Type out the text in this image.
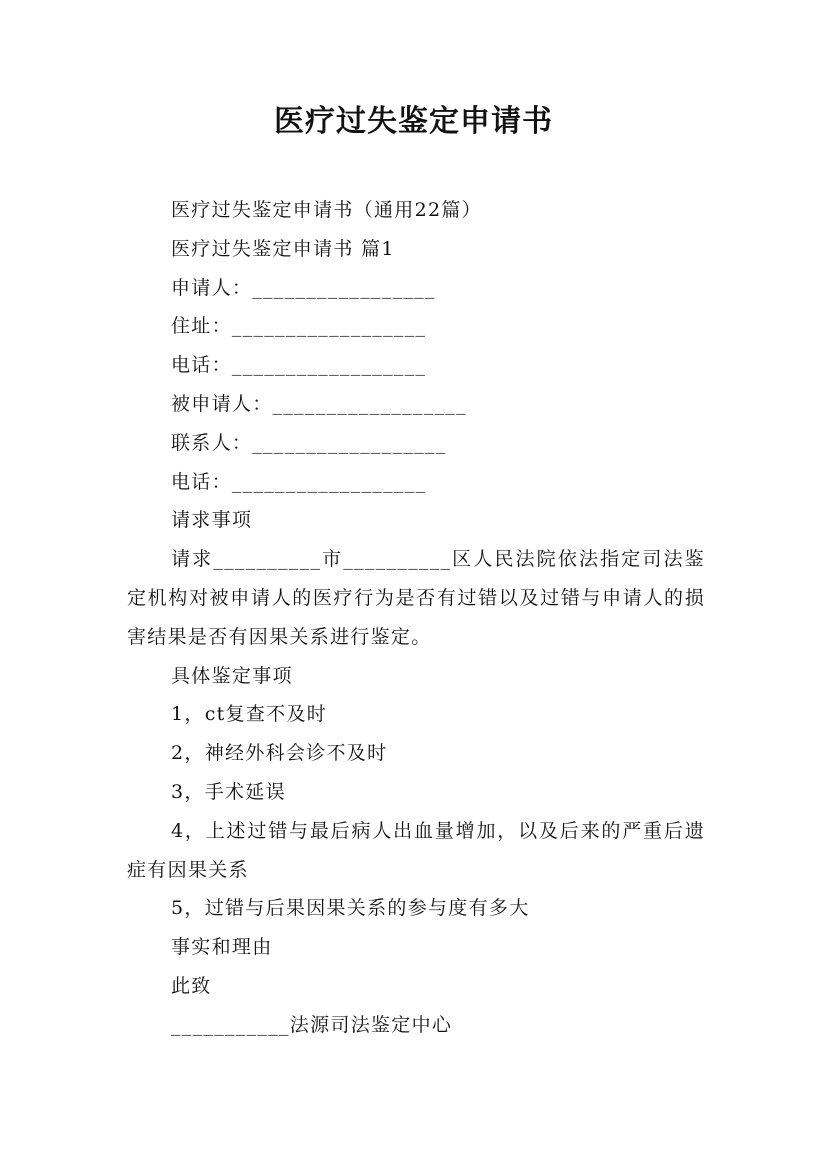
医疗过失鉴定申请书

医疗过失鉴定申请书（通用22篇）

医疗过失鉴定申请书 篇1

申请人：_________________

住址：__________________

电话：__________________

被申请人：__________________

联系人：__________________

电话：__________________

请求事项

请求__________市__________区人民法院依法指定司法鉴定机构对被申请人的医疗行为是否有过错以及过错与申请人的损害结果是否有因果关系进行鉴定。

具体鉴定事项

1，ct复查不及时

2，神经外科会诊不及时

3，手术延误

4，上述过错与最后病人出血量增加，以及后来的严重后遗症有因果关系

5，过错与后果因果关系的参与度有多大

事实和理由

此致

___________法源司法鉴定中心
